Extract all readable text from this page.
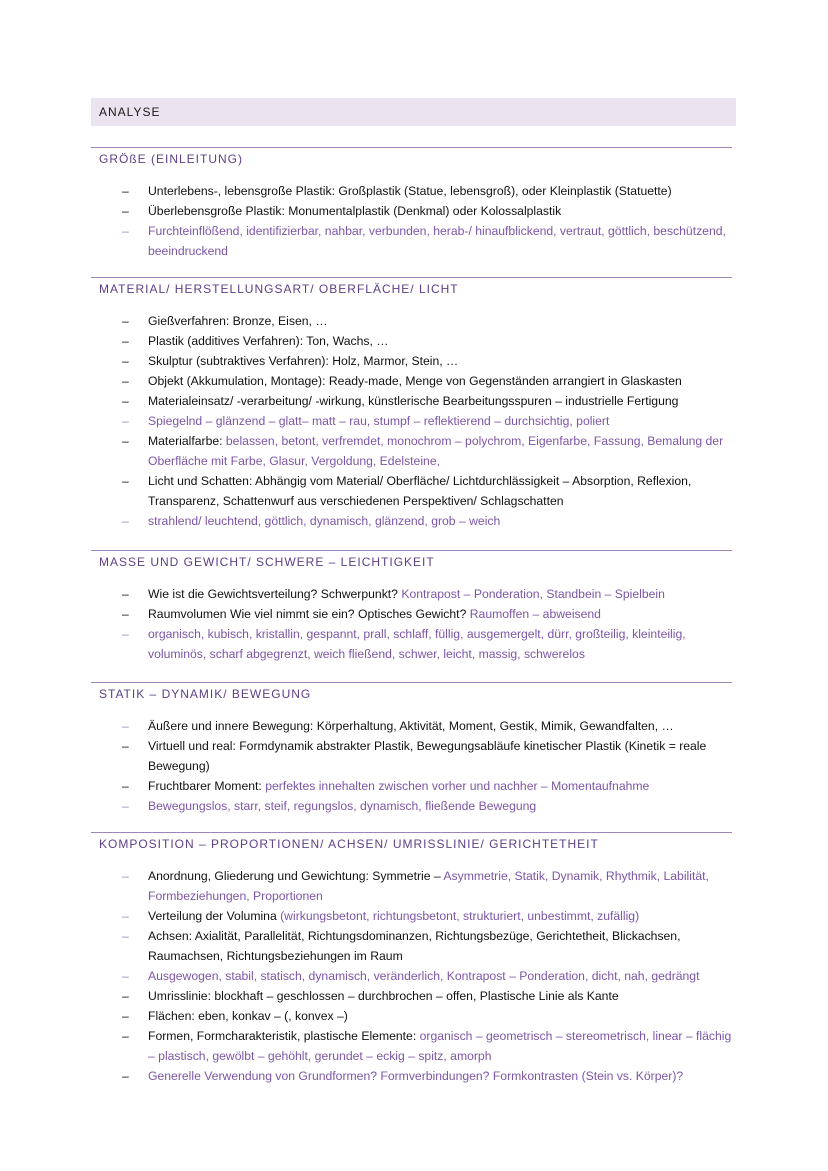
ANALYSE
GRÖßE (EINLEITUNG)
– Unterlebens-, lebensgroße Plastik: Großplastik (Statue, lebensgroß), oder Kleinplastik (Statuette)
– Überlebensgroße Plastik: Monumentalplastik (Denkmal) oder Kolossalplastik
– Furchteinflößend, identifizierbar, nahbar, verbunden, herab-/ hinaufblickend, vertraut, göttlich, beschützend, beeindruckend
MATERIAL/ HERSTELLUNGSART/ OBERFLÄCHE/ LICHT
– Gießverfahren: Bronze, Eisen, …
– Plastik (additives Verfahren): Ton, Wachs, …
– Skulptur (subtraktives Verfahren): Holz, Marmor, Stein, …
– Objekt (Akkumulation, Montage): Ready-made, Menge von Gegenständen arrangiert in Glaskasten
– Materialeinsatz/ -verarbeitung/ -wirkung, künstlerische Bearbeitungsspuren – industrielle Fertigung
– Spiegelnd – glänzend – glatt– matt – rau, stumpf – reflektierend – durchsichtig, poliert
– Materialfarbe: belassen, betont, verfremdet, monochrom – polychrom, Eigenfarbe, Fassung, Bemalung der Oberfläche mit Farbe, Glasur, Vergoldung, Edelsteine,
– Licht und Schatten: Abhängig vom Material/ Oberfläche/ Lichtdurchlässigkeit – Absorption, Reflexion, Transparenz, Schattenwurf aus verschiedenen Perspektiven/ Schlagschatten
– strahlend/ leuchtend, göttlich, dynamisch, glänzend, grob – weich
MASSE UND GEWICHT/ SCHWERE – LEICHTIGKEIT
– Wie ist die Gewichtsverteilung? Schwerpunkt? Kontrapost – Ponderation, Standbein – Spielbein
– Raumvolumen Wie viel nimmt sie ein? Optisches Gewicht? Raumoffen – abweisend
– organisch, kubisch, kristallin, gespannt, prall, schlaff, füllig, ausgemergelt, dürr, großteilig, kleinteilig, voluminös, scharf abgegrenzt, weich fließend, schwer, leicht, massig, schwerelos
STATIK – DYNAMIK/ BEWEGUNG
– Äußere und innere Bewegung: Körperhaltung, Aktivität, Moment, Gestik, Mimik, Gewandfalten, …
– Virtuell und real: Formdynamik abstrakter Plastik, Bewegungsabläufe kinetischer Plastik (Kinetik = reale Bewegung)
– Fruchtbarer Moment: perfektes innehalten zwischen vorher und nachher – Momentaufnahme
– Bewegungslos, starr, steif, regungslos, dynamisch, fließende Bewegung
KOMPOSITION – PROPORTIONEN/ ACHSEN/ UMRISSLINIE/ GERICHTETHEIT
– Anordnung, Gliederung und Gewichtung: Symmetrie – Asymmetrie, Statik, Dynamik, Rhythmik, Labilität, Formbeziehungen, Proportionen
– Verteilung der Volumina (wirkungsbetont, richtungsbetont, strukturiert, unbestimmt, zufällig)
– Achsen: Axialität, Parallelität, Richtungsdominanzen, Richtungsbezüge, Gerichtetheit, Blickachsen, Raumachsen, Richtungsbeziehungen im Raum
– Ausgewogen, stabil, statisch, dynamisch, veränderlich, Kontrapost – Ponderation, dicht, nah, gedrängt
– Umrisslinie: blockhaft – geschlossen – durchbrochen – offen, Plastische Linie als Kante
– Flächen: eben, konkav – (, konvex –)
– Formen, Formcharakteristik, plastische Elemente: organisch – geometrisch – stereometrisch, linear – flächig – plastisch, gewölbt – gehöhlt, gerundet – eckig – spitz, amorph
– Generelle Verwendung von Grundformen? Formverbindungen? Formkontrasten (Stein vs. Körper)?
